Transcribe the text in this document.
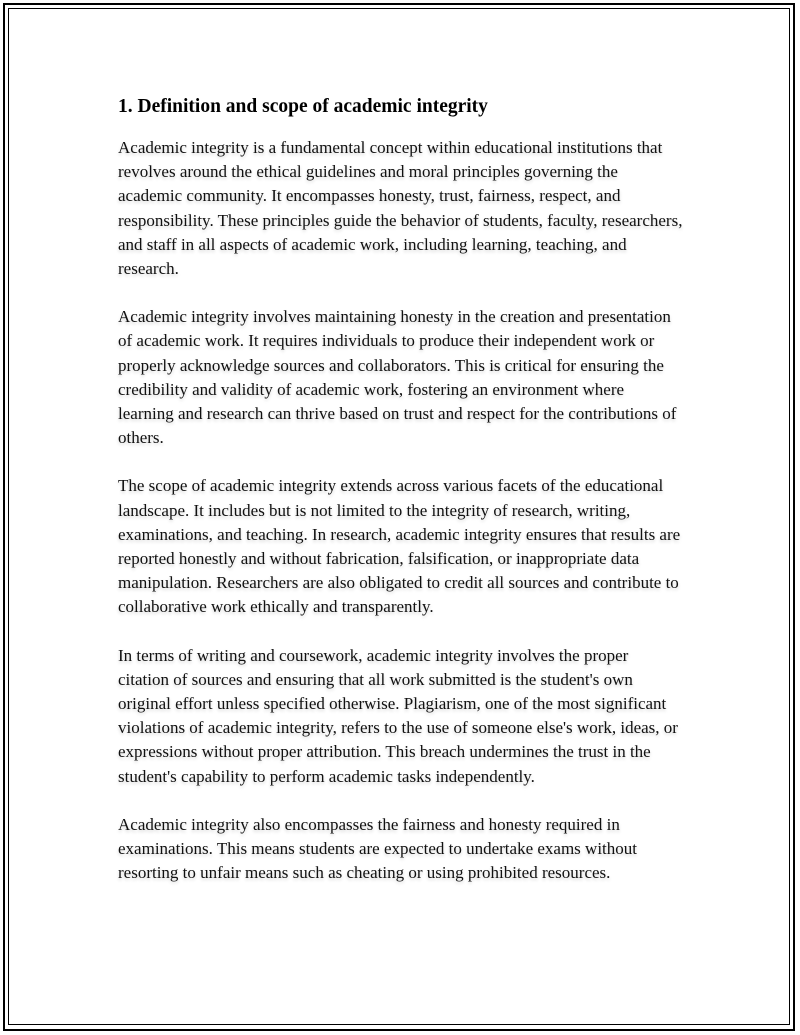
1. Definition and scope of academic integrity

Academic integrity is a fundamental concept within educational institutions that revolves around the ethical guidelines and moral principles governing the academic community. It encompasses honesty, trust, fairness, respect, and responsibility. These principles guide the behavior of students, faculty, researchers, and staff in all aspects of academic work, including learning, teaching, and research.

Academic integrity involves maintaining honesty in the creation and presentation of academic work. It requires individuals to produce their independent work or properly acknowledge sources and collaborators. This is critical for ensuring the credibility and validity of academic work, fostering an environment where learning and research can thrive based on trust and respect for the contributions of others.

The scope of academic integrity extends across various facets of the educational landscape. It includes but is not limited to the integrity of research, writing, examinations, and teaching. In research, academic integrity ensures that results are reported honestly and without fabrication, falsification, or inappropriate data manipulation. Researchers are also obligated to credit all sources and contribute to collaborative work ethically and transparently.

In terms of writing and coursework, academic integrity involves the proper citation of sources and ensuring that all work submitted is the student's own original effort unless specified otherwise. Plagiarism, one of the most significant violations of academic integrity, refers to the use of someone else's work, ideas, or expressions without proper attribution. This breach undermines the trust in the student's capability to perform academic tasks independently.

Academic integrity also encompasses the fairness and honesty required in examinations. This means students are expected to undertake exams without resorting to unfair means such as cheating or using prohibited resources.
